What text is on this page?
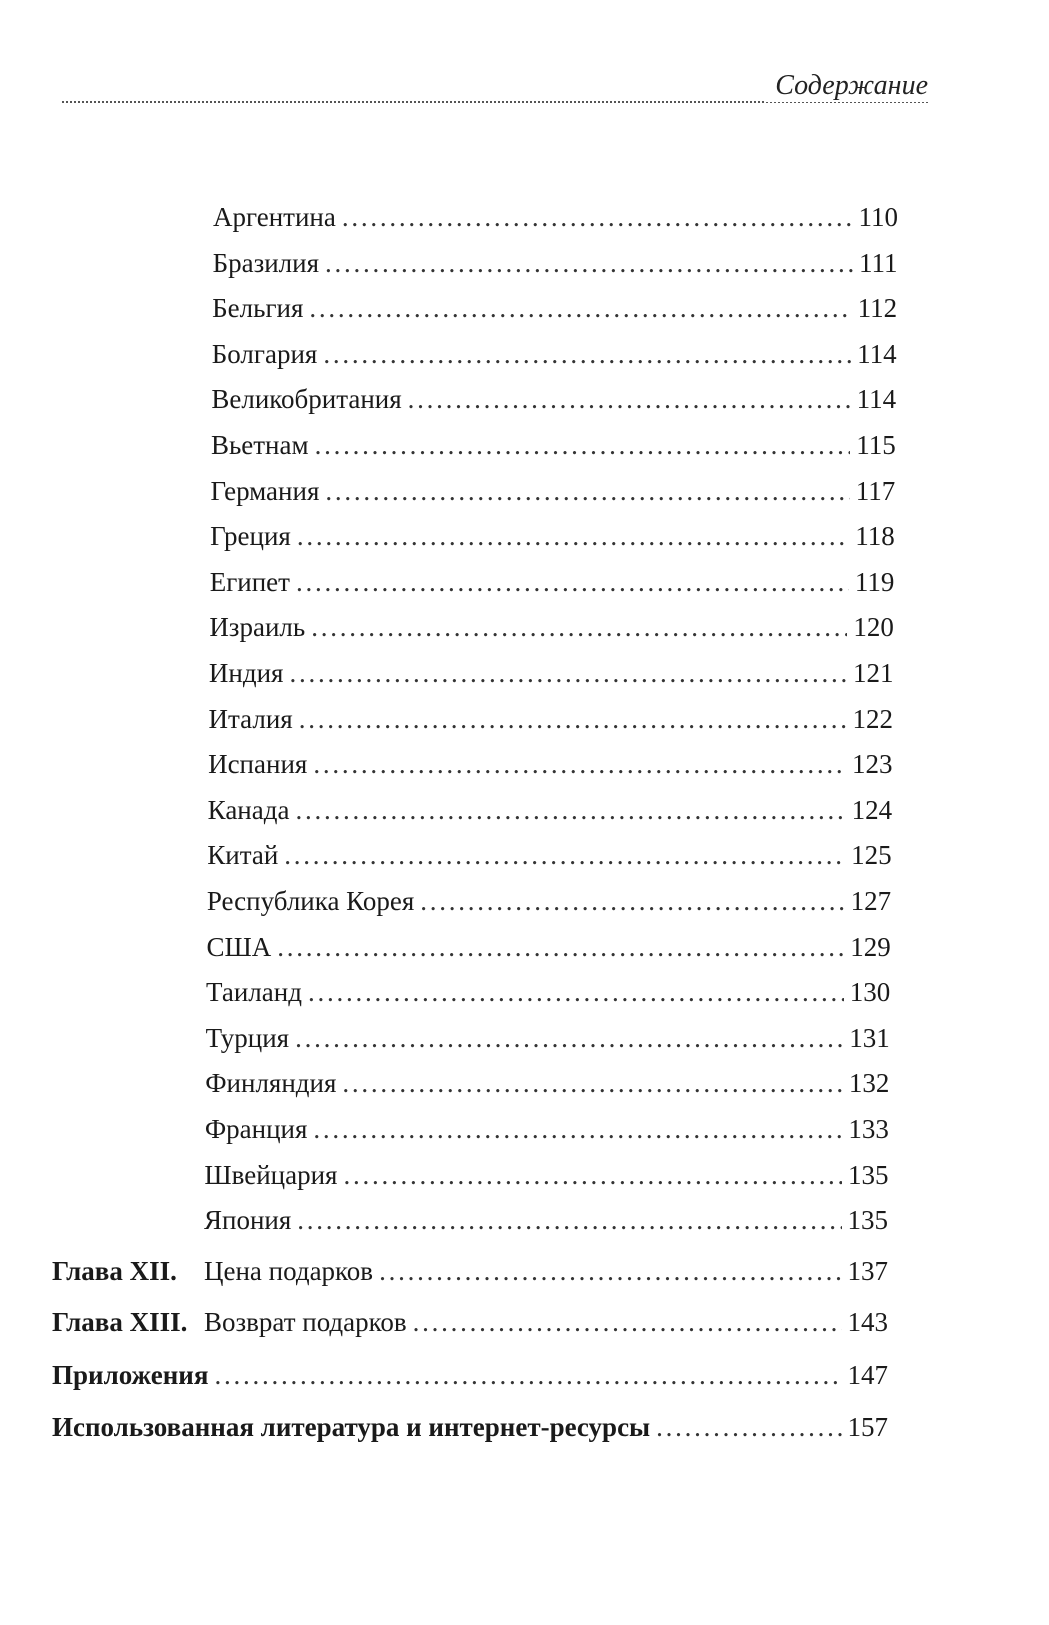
Содержание
Аргентина . . .	110
Бразилия . . .	111
Бельгия . . .	112
Болгария . . .	114
Великобритания . . .	114
Вьетнам . . .	115
Германия . . .	117
Греция . . .	118
Египет . . .	119
Израиль . . .	120
Индия . . .	121
Италия . . .	122
Испания . . .	123
Канада . . .	124
Китай . . .	125
Республика Корея . . .	127
США . . .	129
Таиланд . . .	130
Турция . . .	131
Финляндия . . .	132
Франция . . .	133
Швейцария . . .	135
Япония . . .	135
Глава XII.	Цена подарков . . .	137
Глава XIII. Возврат подарков . . .	143
Приложения . . .	147
Использованная литература и интернет-ресурсы . . .	157
